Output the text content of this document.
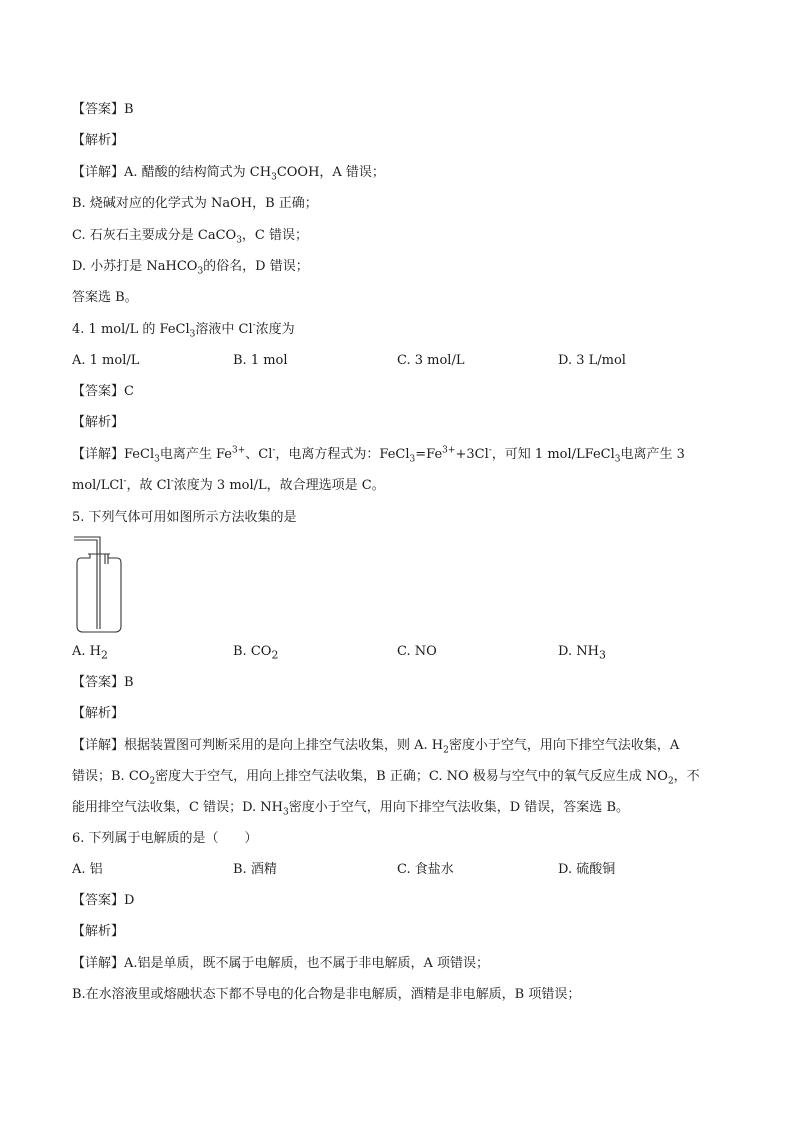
【答案】B
【解析】
【详解】A. 醋酸的结构简式为 $CH_3COOH$，A 错误；
B. 烧碱对应的化学式为 NaOH，B 正确；
C. 石灰石主要成分是 CaCO$_3$，C 错误；
D. 小苏打是 NaHCO$_3$的俗名，D 错误；
答案选 B。
4. 1 mol/L 的 FeCl$_3$溶液中 Cl-浓度为
A. 1 mol/L	B. 1 mol	C. 3 mol/L	D. 3 L/mol
【答案】C
【解析】
【详解】FeCl$_3$电离产生 $Fe^{3+}$、Cl-，电离方程式为：$FeCl_3=Fe^{3+}+3Cl^-$，可知 1 mol/LFeCl$_3$电离产生 3
mol/LCl-，故 Cl-浓度为 3 mol/L，故合理选项是 C。
5. 下列气体可用如图所示方法收集的是
A. $H_2$	B. $CO_2$	C. NO	D. $NH_3$
【答案】B
【解析】
【详解】根据装置图可判断采用的是向上排空气法收集，则 A. $H_2$密度小于空气，用向下排空气法收集，A
错误；B. $CO_2$密度大于空气，用向上排空气法收集，B 正确；C. NO 极易与空气中的氧气反应生成 $NO_2$，不
能用排空气法收集，C 错误；D. $NH_3$密度小于空气，用向下排空气法收集，D 错误，答案选 B。
6. 下列属于电解质的是（　　）
A. 铝	B. 酒精	C. 食盐水	D. 硫酸铜
【答案】D
【解析】
【详解】A.铝是单质，既不属于电解质，也不属于非电解质，A 项错误；
B.在水溶液里或熔融状态下都不导电的化合物是非电解质，酒精是非电解质，B 项错误；
